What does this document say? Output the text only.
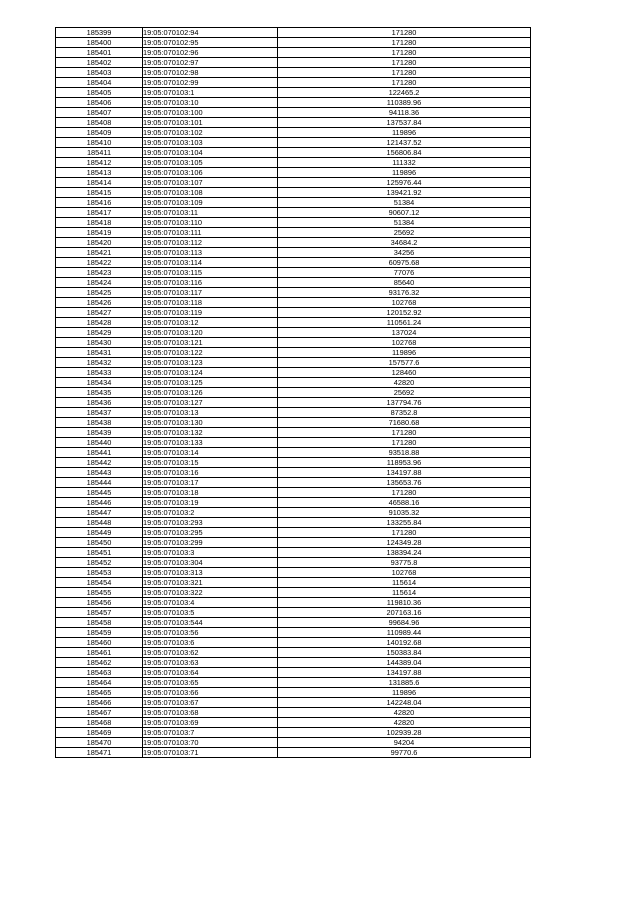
185399	19:05:070102:94	171280
185400	19:05:070102:95	171280
185401	19:05:070102:96	171280
185402	19:05:070102:97	171280
185403	19:05:070102:98	171280
185404	19:05:070102:99	171280
185405	19:05:070103:1	122465.2
185406	19:05:070103:10	110389.96
185407	19:05:070103:100	94118.36
185408	19:05:070103:101	137537.84
185409	19:05:070103:102	119896
185410	19:05:070103:103	121437.52
185411	19:05:070103:104	156806.84
185412	19:05:070103:105	111332
185413	19:05:070103:106	119896
185414	19:05:070103:107	125976.44
185415	19:05:070103:108	139421.92
185416	19:05:070103:109	51384
185417	19:05:070103:11	90607.12
185418	19:05:070103:110	51384
185419	19:05:070103:111	25692
185420	19:05:070103:112	34684.2
185421	19:05:070103:113	34256
185422	19:05:070103:114	60975.68
185423	19:05:070103:115	77076
185424	19:05:070103:116	85640
185425	19:05:070103:117	93176.32
185426	19:05:070103:118	102768
185427	19:05:070103:119	120152.92
185428	19:05:070103:12	110561.24
185429	19:05:070103:120	137024
185430	19:05:070103:121	102768
185431	19:05:070103:122	119896
185432	19:05:070103:123	157577.6
185433	19:05:070103:124	128460
185434	19:05:070103:125	42820
185435	19:05:070103:126	25692
185436	19:05:070103:127	137794.76
185437	19:05:070103:13	87352.8
185438	19:05:070103:130	71680.68
185439	19:05:070103:132	171280
185440	19:05:070103:133	171280
185441	19:05:070103:14	93518.88
185442	19:05:070103:15	118953.96
185443	19:05:070103:16	134197.88
185444	19:05:070103:17	135653.76
185445	19:05:070103:18	171280
185446	19:05:070103:19	46588.16
185447	19:05:070103:2	91035.32
185448	19:05:070103:293	133255.84
185449	19:05:070103:295	171280
185450	19:05:070103:299	124349.28
185451	19:05:070103:3	138394.24
185452	19:05:070103:304	93775.8
185453	19:05:070103:313	102768
185454	19:05:070103:321	115614
185455	19:05:070103:322	115614
185456	19:05:070103:4	119810.36
185457	19:05:070103:5	207163.16
185458	19:05:070103:544	99684.96
185459	19:05:070103:56	110989.44
185460	19:05:070103:6	140192.68
185461	19:05:070103:62	150383.84
185462	19:05:070103:63	144389.04
185463	19:05:070103:64	134197.88
185464	19:05:070103:65	131885.6
185465	19:05:070103:66	119896
185466	19:05:070103:67	142248.04
185467	19:05:070103:68	42820
185468	19:05:070103:69	42820
185469	19:05:070103:7	102939.28
185470	19:05:070103:70	94204
185471	19:05:070103:71	99770.6
